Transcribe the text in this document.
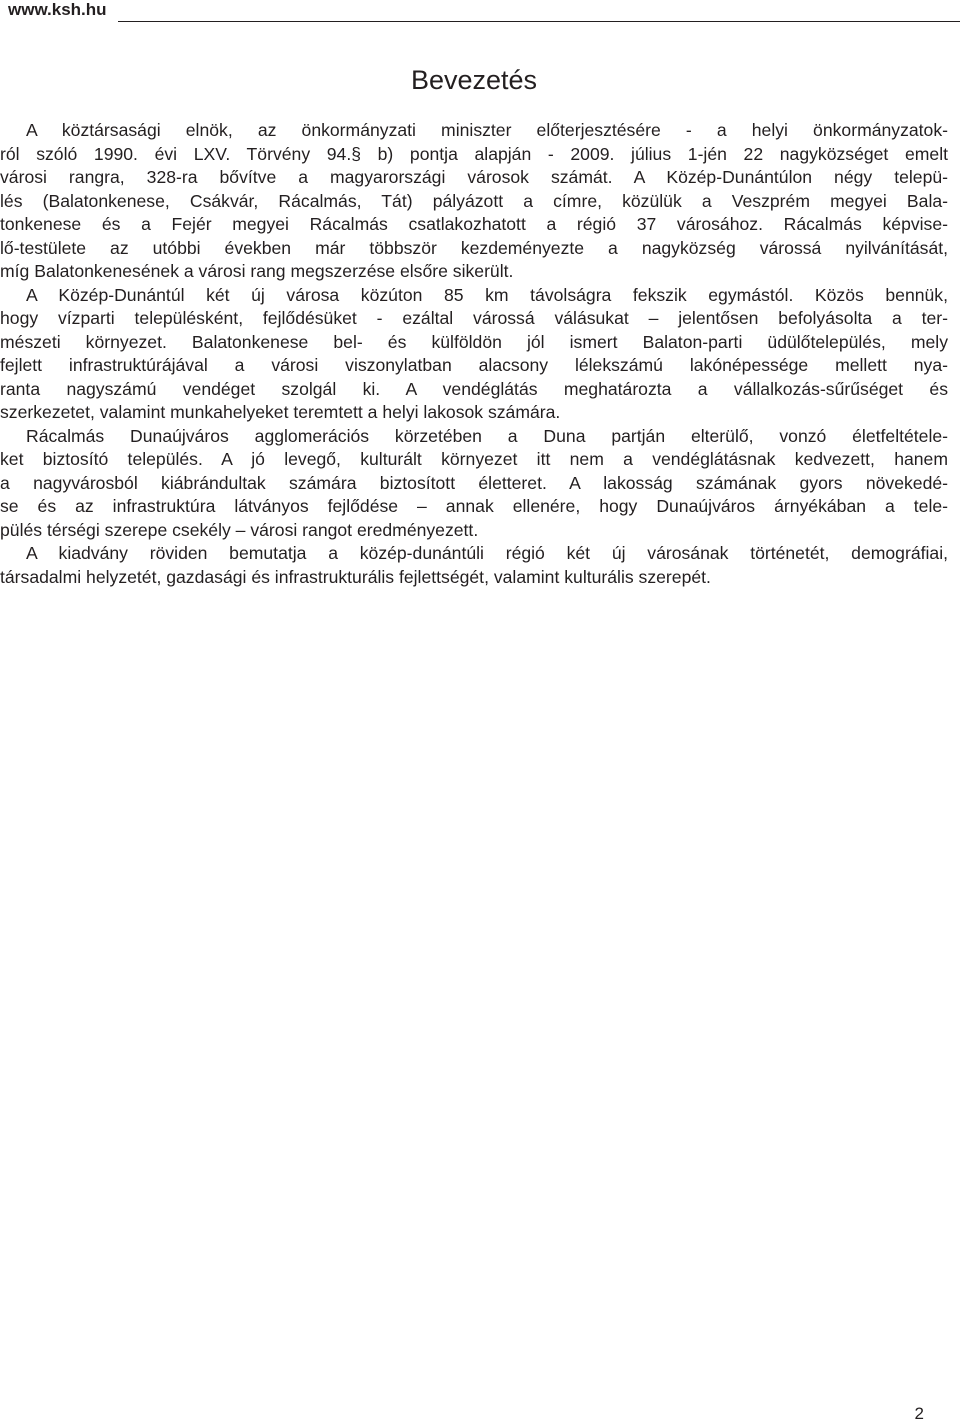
www.ksh.hu
Bevezetés
A köztársasági elnök, az önkormányzati miniszter előterjesztésére - a helyi önkormányzatok-
ról szóló 1990. évi LXV. Törvény 94.§ b) pontja alapján - 2009. július 1-jén 22 nagyközséget emelt
városi rangra, 328-ra bővítve a magyarországi városok számát. A Közép-Dunántúlon négy telepü-
lés (Balatonkenese, Csákvár, Rácalmás, Tát) pályázott a címre, közülük a Veszprém megyei Bala-
tonkenese és a Fejér megyei Rácalmás csatlakozhatott a régió 37 városához. Rácalmás képvise-
lő-testülete az utóbbi években már többször kezdeményezte a nagyközség várossá nyilvánítását,
míg Balatonkenesének a városi rang megszerzése elsőre sikerült.
A Közép-Dunántúl két új városa közúton 85 km távolságra fekszik egymástól. Közös bennük,
hogy vízparti településként, fejlődésüket - ezáltal várossá válásukat – jelentősen befolyásolta a ter-
mészeti környezet. Balatonkenese bel- és külföldön jól ismert Balaton-parti üdülőtelepülés, mely
fejlett infrastruktúrájával a városi viszonylatban alacsony lélekszámú lakónépessége mellett nya-
ranta nagyszámú vendéget szolgál ki. A vendéglátás meghatározta a vállalkozás-sűrűséget és
szerkezetet, valamint munkahelyeket teremtett a helyi lakosok számára.
Rácalmás Dunaújváros agglomerációs körzetében a Duna partján elterülő, vonzó életfeltétele-
ket biztosító település. A jó levegő, kulturált környezet itt nem a vendéglátásnak kedvezett, hanem
a nagyvárosból kiábrándultak számára biztosított életteret. A lakosság számának gyors növekedé-
se és az infrastruktúra látványos fejlődése – annak ellenére, hogy Dunaújváros árnyékában a tele-
pülés térségi szerepe csekély – városi rangot eredményezett.
A kiadvány röviden bemutatja a közép-dunántúli régió két új városának történetét, demográfiai,
társadalmi helyzetét, gazdasági és infrastrukturális fejlettségét, valamint kulturális szerepét.
2
